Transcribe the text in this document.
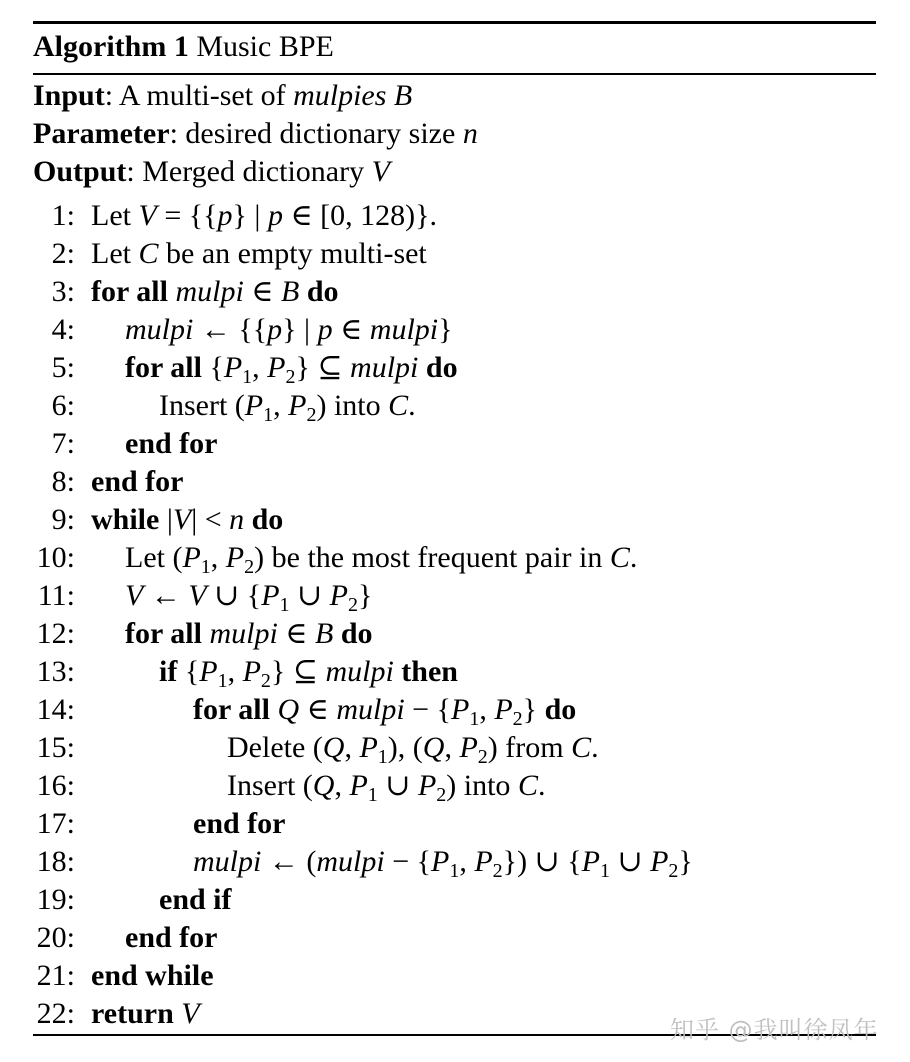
Algorithm 1 Music BPE
Input: A multi-set of mulpies B
Parameter: desired dictionary size n
Output: Merged dictionary V
1: Let V = {{p} | p ∈ [0, 128)}.
2: Let C be an empty multi-set
3: for all mulpi ∈ B do
4: mulpi ← {{p} | p ∈ mulpi}
5: for all {$P_1$, $P_2$} ⊆ mulpi do
6:	Insert ($P_1$, $P_2$) into C.
7: end for
8: end for
9: while |V| < n do
10: Let ($P_1$, $P_2$) be the most frequent pair in C.
11: V ← V ∪ {$P_1$ ∪ $P_2$}
12: for all mulpi ∈ B do
13:	if {$P_1$, $P_2$} ⊆ mulpi then
14:	for all Q ∈ mulpi − {$P_1$, $P_2$} do
15:	Delete (Q, $P_1$), (Q, $P_2$) from C.
16:	Insert (Q, $P_1$ ∪ $P_2$) into C.
17:	end for
18:	mulpi ← (mulpi − {$P_1$, $P_2$}) ∪ {$P_1$ ∪ $P_2$}
19:	end if
20: end for
21: end while
22: return V
知乎 @我叫徐凤年
